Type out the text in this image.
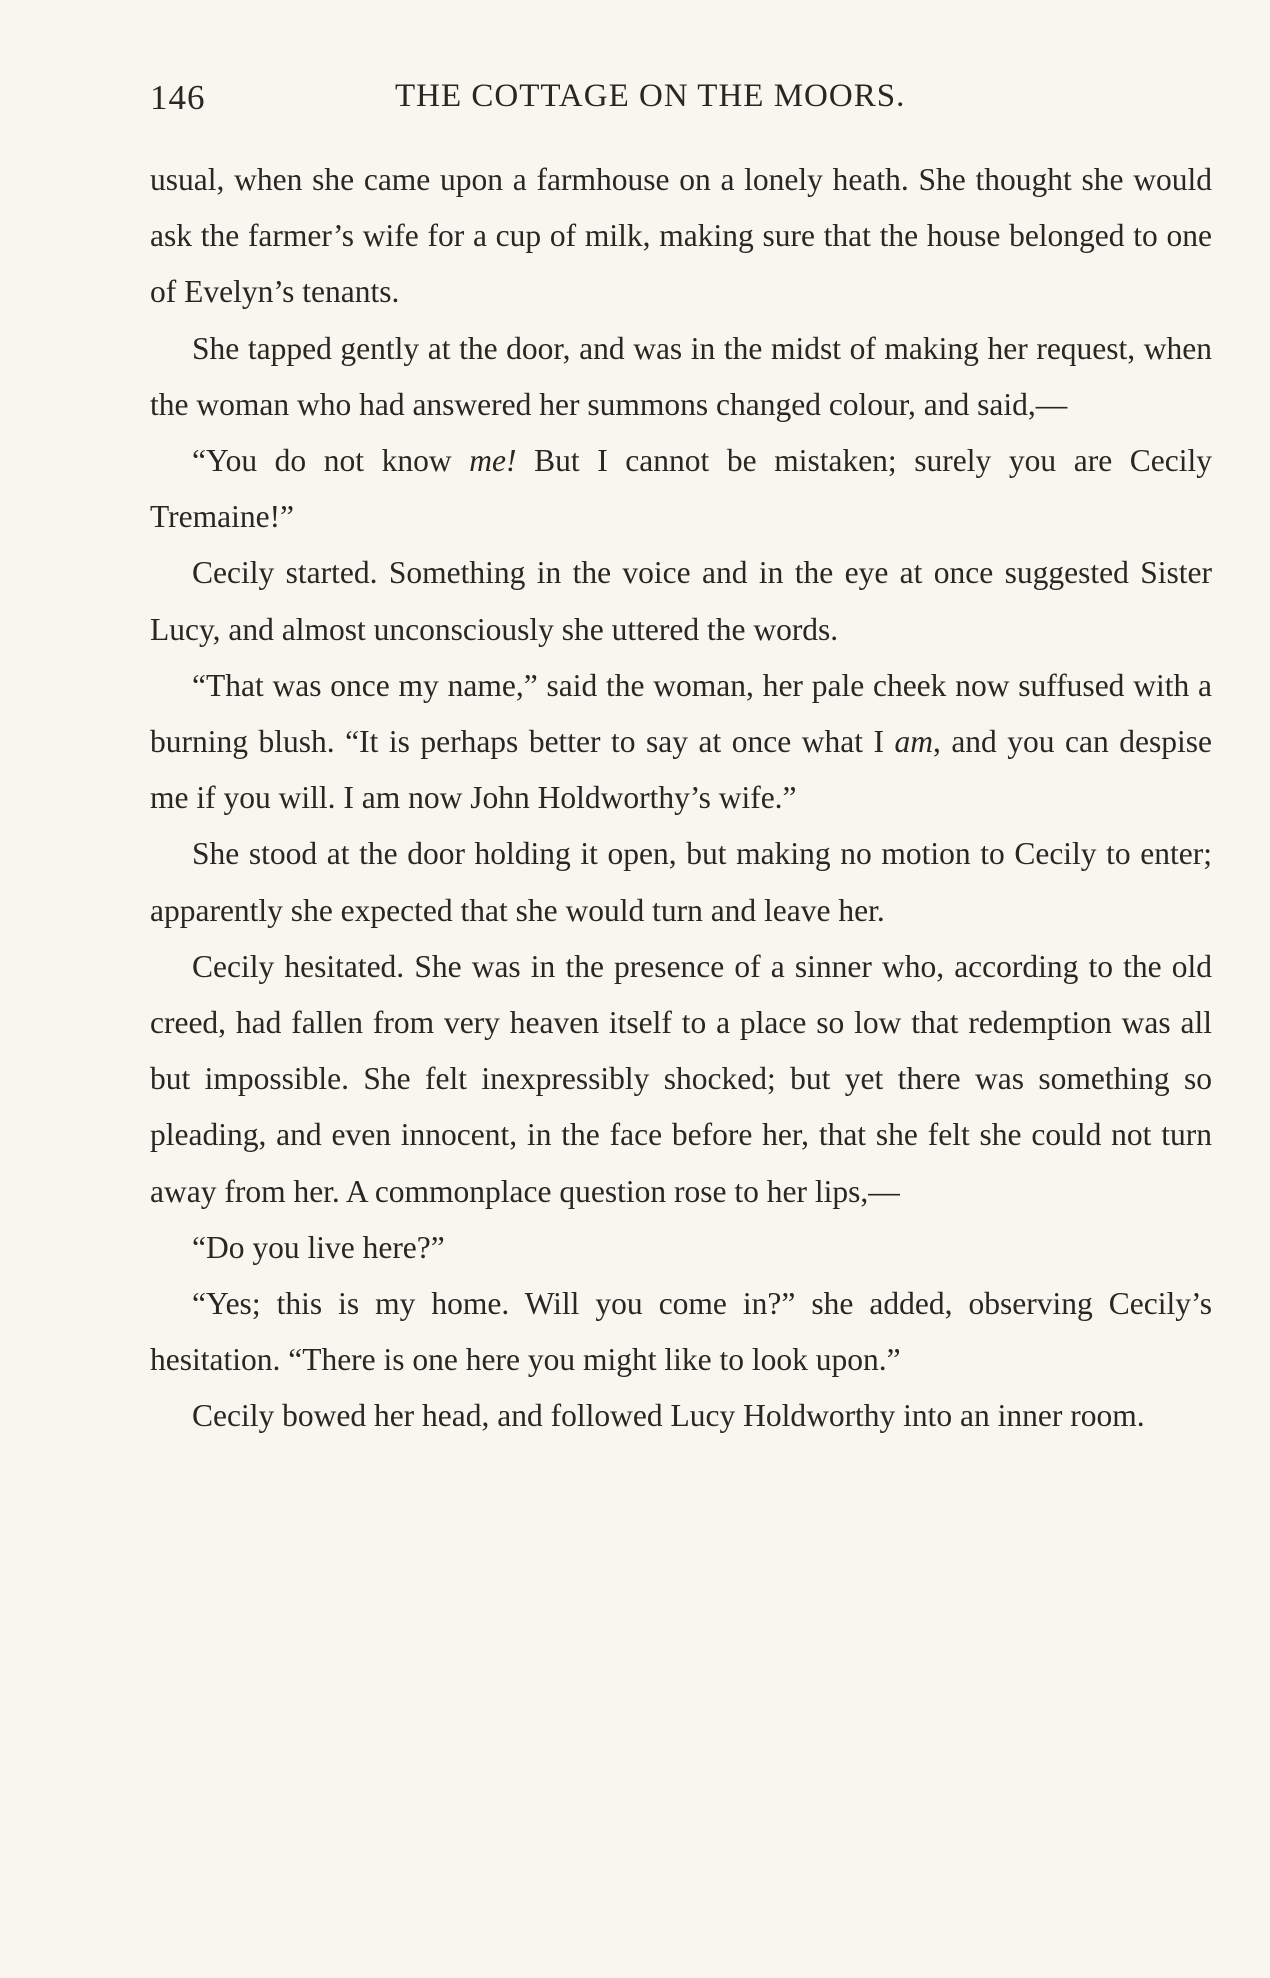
146	THE COTTAGE ON THE MOORS.

usual, when she came upon a farmhouse on a lonely heath. She thought she would ask the farmer’s wife for a cup of milk, making sure that the house belonged to one of Evelyn’s tenants.

She tapped gently at the door, and was in the midst of making her request, when the woman who had answered her summons changed colour, and said,—

“You do not know me! But I cannot be mistaken; surely you are Cecily Tremaine!”

Cecily started. Something in the voice and in the eye at once suggested Sister Lucy, and almost unconsciously she uttered the words.

“That was once my name,” said the woman, her pale cheek now suffused with a burning blush. “It is perhaps better to say at once what I am, and you can despise me if you will. I am now John Holdworthy’s wife.”

She stood at the door holding it open, but making no motion to Cecily to enter; apparently she expected that she would turn and leave her.

Cecily hesitated. She was in the presence of a sinner who, according to the old creed, had fallen from very heaven itself to a place so low that redemption was all but impossible. She felt inexpressibly shocked; but yet there was something so pleading, and even innocent, in the face before her, that she felt she could not turn away from her. A commonplace question rose to her lips,—

“Do you live here?”

“Yes; this is my home. Will you come in?” she added, observing Cecily’s hesitation. “There is one here you might like to look upon.”

Cecily bowed her head, and followed Lucy Holdworthy into an inner room.
